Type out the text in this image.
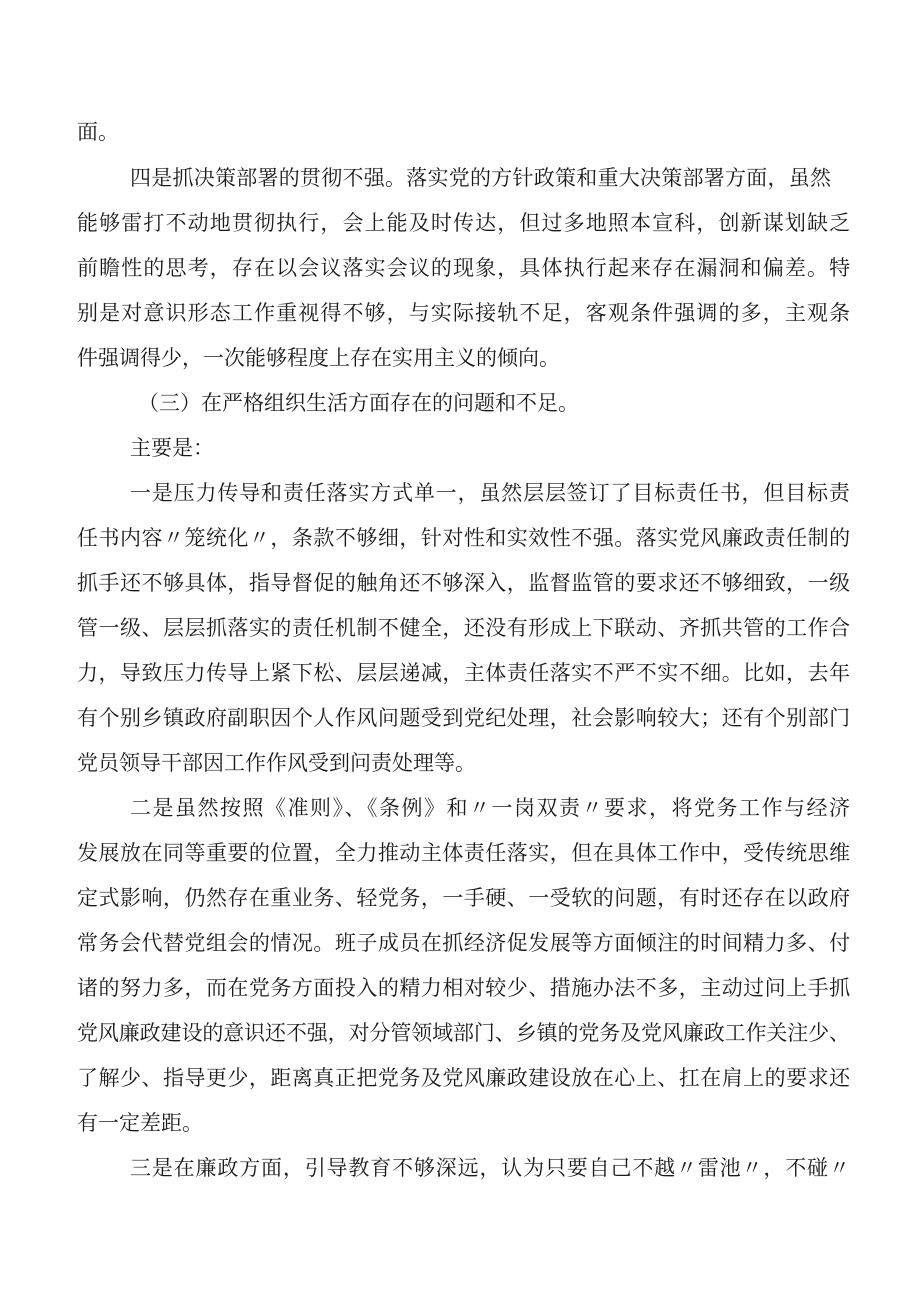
面。

四是抓决策部署的贯彻不强。落实党的方针政策和重大决策部署方面，虽然

能够雷打不动地贯彻执行，会上能及时传达，但过多地照本宣科，创新谋划缺乏

前瞻性的思考，存在以会议落实会议的现象，具体执行起来存在漏洞和偏差。特

别是对意识形态工作重视得不够，与实际接轨不足，客观条件强调的多，主观条

件强调得少，一次能够程度上存在实用主义的倾向。

（三）在严格组织生活方面存在的问题和不足。

主要是：

一是压力传导和责任落实方式单一，虽然层层签订了目标责任书，但目标责

任书内容〃笼统化〃，条款不够细，针对性和实效性不强。落实党风廉政责任制的

抓手还不够具体，指导督促的触角还不够深入，监督监管的要求还不够细致，一级

管一级、层层抓落实的责任机制不健全，还没有形成上下联动、齐抓共管的工作合

力，导致压力传导上紧下松、层层递减，主体责任落实不严不实不细。比如，去年

有个别乡镇政府副职因个人作风问题受到党纪处理，社会影响较大；还有个别部门

党员领导干部因工作作风受到问责处理等。

二是虽然按照《准则》、《条例》和〃一岗双责〃要求，将党务工作与经济

发展放在同等重要的位置，全力推动主体责任落实，但在具体工作中，受传统思维

定式影响，仍然存在重业务、轻党务，一手硬、一受软的问题，有时还存在以政府

常务会代替党组会的情况。班子成员在抓经济促发展等方面倾注的时间精力多、付

诸的努力多，而在党务方面投入的精力相对较少、措施办法不多，主动过问上手抓

党风廉政建设的意识还不强，对分管领域部门、乡镇的党务及党风廉政工作关注少、

了解少、指导更少，距离真正把党务及党风廉政建设放在心上、扛在肩上的要求还

有一定差距。

三是在廉政方面，引导教育不够深远，认为只要自己不越〃雷池〃，不碰〃
